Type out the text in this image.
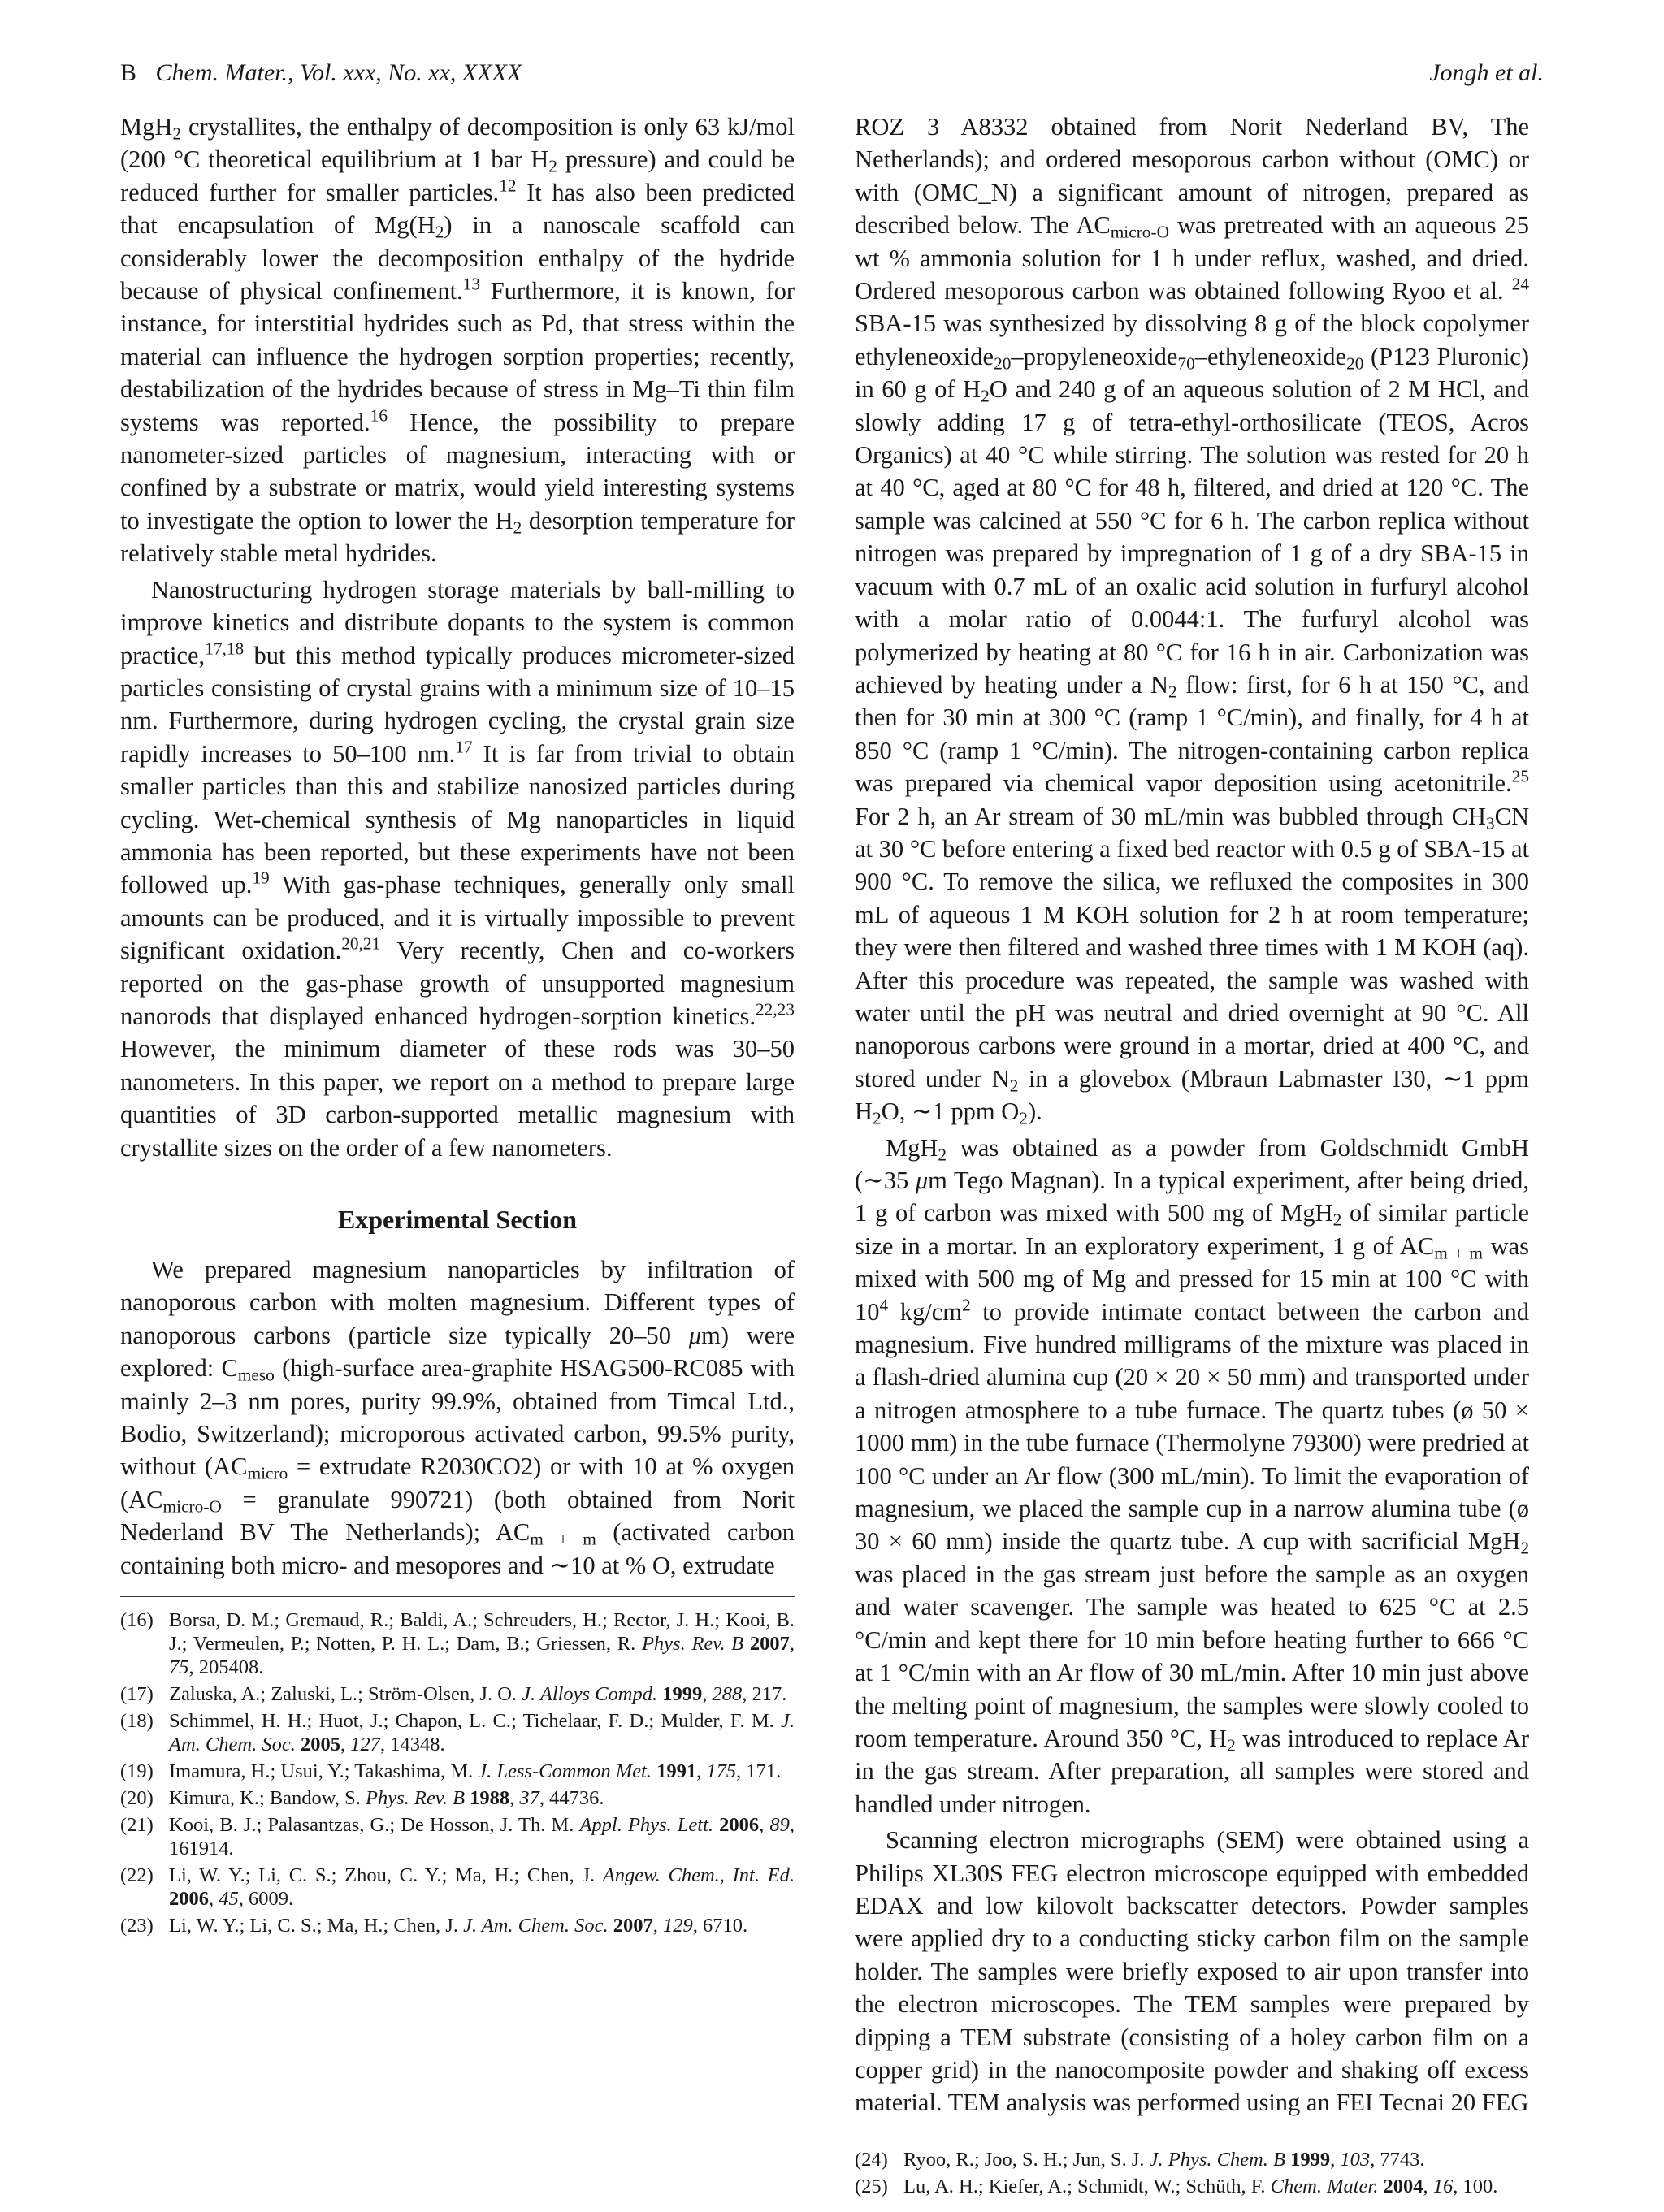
B Chem. Mater., Vol. xxx, No. xx, XXXX	Jongh et al.

MgH$_2$ crystallites, the enthalpy of decomposition is only 63 kJ/mol (200 °C theoretical equilibrium at 1 bar $H_2$ pressure) and could be reduced further for smaller particles.$^{12}$ It has also been predicted that encapsulation of $Mg(H_2)$ in a nanoscale scaffold can considerably lower the decomposition enthalpy of the hydride because of physical confinement.$^{13}$ Furthermore, it is known, for instance, for interstitial hydrides such as Pd, that stress within the material can influence the hydrogen sorption properties; recently, destabilization of the hydrides because of stress in Mg–Ti thin film systems was reported.$^{16}$ Hence, the possibility to prepare nanometer-sized particles of magnesium, interacting with or confined by a substrate or matrix, would yield interesting systems to investigate the option to lower the $H_2$ desorption temperature for relatively stable metal hydrides.

Nanostructuring hydrogen storage materials by ball-milling to improve kinetics and distribute dopants to the system is common practice,$^{17,18}$ but this method typically produces micrometer-sized particles consisting of crystal grains with a minimum size of 10–15 nm. Furthermore, during hydrogen cycling, the crystal grain size rapidly increases to 50–100 nm.$^{17}$ It is far from trivial to obtain smaller particles than this and stabilize nanosized particles during cycling. Wet-chemical synthesis of Mg nanoparticles in liquid ammonia has been reported, but these experiments have not been followed up.$^{19}$ With gas-phase techniques, generally only small amounts can be produced, and it is virtually impossible to prevent significant oxidation.$^{20,21}$ Very recently, Chen and co-workers reported on the gas-phase growth of unsupported magnesium nanorods that displayed enhanced hydrogen-sorption kinetics.$^{22,23}$ However, the minimum diameter of these rods was 30–50 nanometers. In this paper, we report on a method to prepare large quantities of 3D carbon-supported metallic magnesium with crystallite sizes on the order of a few nanometers.

Experimental Section

We prepared magnesium nanoparticles by infiltration of nanoporous carbon with molten magnesium. Different types of nanoporous carbons (particle size typically 20–50 μm) were explored: $C_{meso}$ (high-surface area-graphite HSAG500-RC085 with mainly 2–3 nm pores, purity 99.9%, obtained from Timcal Ltd., Bodio, Switzerland); microporous activated carbon, 99.5% purity, without ($AC_{micro}$ = extrudate R2030CO2) or with 10 at % oxygen ($AC_{micro-O}$ = granulate 990721) (both obtained from Norit Nederland BV The Netherlands); $AC_{m + m}$ (activated carbon containing both micro- and mesopores and ∼10 at % O, extrudate

(16) Borsa, D. M.; Gremaud, R.; Baldi, A.; Schreuders, H.; Rector, J. H.; Kooi, B. J.; Vermeulen, P.; Notten, P. H. L.; Dam, B.; Griessen, R. Phys. Rev. B 2007, 75, 205408.
(17) Zaluska, A.; Zaluski, L.; Ström-Olsen, J. O. J. Alloys Compd. 1999, 288, 217.
(18) Schimmel, H. H.; Huot, J.; Chapon, L. C.; Tichelaar, F. D.; Mulder, F. M. J. Am. Chem. Soc. 2005, 127, 14348.
(19) Imamura, H.; Usui, Y.; Takashima, M. J. Less-Common Met. 1991, 175, 171.
(20) Kimura, K.; Bandow, S. Phys. Rev. B 1988, 37, 44736.
(21) Kooi, B. J.; Palasantzas, G.; De Hosson, J. Th. M. Appl. Phys. Lett. 2006, 89, 161914.
(22) Li, W. Y.; Li, C. S.; Zhou, C. Y.; Ma, H.; Chen, J. Angew. Chem., Int. Ed. 2006, 45, 6009.
(23) Li, W. Y.; Li, C. S.; Ma, H.; Chen, J. J. Am. Chem. Soc. 2007, 129, 6710.

ROZ 3 A8332 obtained from Norit Nederland BV, The Netherlands); and ordered mesoporous carbon without (OMC) or with (OMC_N) a significant amount of nitrogen, prepared as described below. The $AC_{micro-O}$ was pretreated with an aqueous 25 wt % ammonia solution for 1 h under reflux, washed, and dried. Ordered mesoporous carbon was obtained following Ryoo et al. $^{24}$ SBA-15 was synthesized by dissolving 8 g of the block copolymer ethyleneoxide$_{20}$–propyleneoxide$_{70}$–ethyleneoxide$_{20}$ (P123 Pluronic) in 60 g of $H_2O$ and 240 g of an aqueous solution of 2 M HCl, and slowly adding 17 g of tetra-ethyl-orthosilicate (TEOS, Acros Organics) at 40 °C while stirring. The solution was rested for 20 h at 40 °C, aged at 80 °C for 48 h, filtered, and dried at 120 °C. The sample was calcined at 550 °C for 6 h. The carbon replica without nitrogen was prepared by impregnation of 1 g of a dry SBA-15 in vacuum with 0.7 mL of an oxalic acid solution in furfuryl alcohol with a molar ratio of 0.0044:1. The furfuryl alcohol was polymerized by heating at 80 °C for 16 h in air. Carbonization was achieved by heating under a $N_2$ flow: first, for 6 h at 150 °C, and then for 30 min at 300 °C (ramp 1 °C/min), and finally, for 4 h at 850 °C (ramp 1 °C/min). The nitrogen-containing carbon replica was prepared via chemical vapor deposition using acetonitrile.$^{25}$ For 2 h, an Ar stream of 30 mL/min was bubbled through $CH_3CN$ at 30 °C before entering a fixed bed reactor with 0.5 g of SBA-15 at 900 °C. To remove the silica, we refluxed the composites in 300 mL of aqueous 1 M KOH solution for 2 h at room temperature; they were then filtered and washed three times with 1 M KOH (aq). After this procedure was repeated, the sample was washed with water until the pH was neutral and dried overnight at 90 °C. All nanoporous carbons were ground in a mortar, dried at 400 °C, and stored under $N_2$ in a glovebox (Mbraun Labmaster I30, ∼1 ppm $H_2O$, ∼1 ppm $O_2$).

MgH$_2$ was obtained as a powder from Goldschmidt GmbH (∼35 μm Tego Magnan). In a typical experiment, after being dried, 1 g of carbon was mixed with 500 mg of MgH$_2$ of similar particle size in a mortar. In an exploratory experiment, 1 g of $AC_{m + m}$ was mixed with 500 mg of Mg and pressed for 15 min at 100 °C with $10^4$ $kg/cm^2$ to provide intimate contact between the carbon and magnesium. Five hundred milligrams of the mixture was placed in a flash-dried alumina cup (20 × 20 × 50 mm) and transported under a nitrogen atmosphere to a tube furnace. The quartz tubes (ø 50 × 1000 mm) in the tube furnace (Thermolyne 79300) were predried at 100 °C under an Ar flow (300 mL/min). To limit the evaporation of magnesium, we placed the sample cup in a narrow alumina tube (ø 30 × 60 mm) inside the quartz tube. A cup with sacrificial MgH$_2$ was placed in the gas stream just before the sample as an oxygen and water scavenger. The sample was heated to 625 °C at 2.5 °C/min and kept there for 10 min before heating further to 666 °C at 1 °C/min with an Ar flow of 30 mL/min. After 10 min just above the melting point of magnesium, the samples were slowly cooled to room temperature. Around 350 °C, $H_2$ was introduced to replace Ar in the gas stream. After preparation, all samples were stored and handled under nitrogen.

Scanning electron micrographs (SEM) were obtained using a Philips XL30S FEG electron microscope equipped with embedded EDAX and low kilovolt backscatter detectors. Powder samples were applied dry to a conducting sticky carbon film on the sample holder. The samples were briefly exposed to air upon transfer into the electron microscopes. The TEM samples were prepared by dipping a TEM substrate (consisting of a holey carbon film on a copper grid) in the nanocomposite powder and shaking off excess material. TEM analysis was performed using an FEI Tecnai 20 FEG

(24) Ryoo, R.; Joo, S. H.; Jun, S. J. J. Phys. Chem. B 1999, 103, 7743.
(25) Lu, A. H.; Kiefer, A.; Schmidt, W.; Schüth, F. Chem. Mater. 2004, 16, 100.
